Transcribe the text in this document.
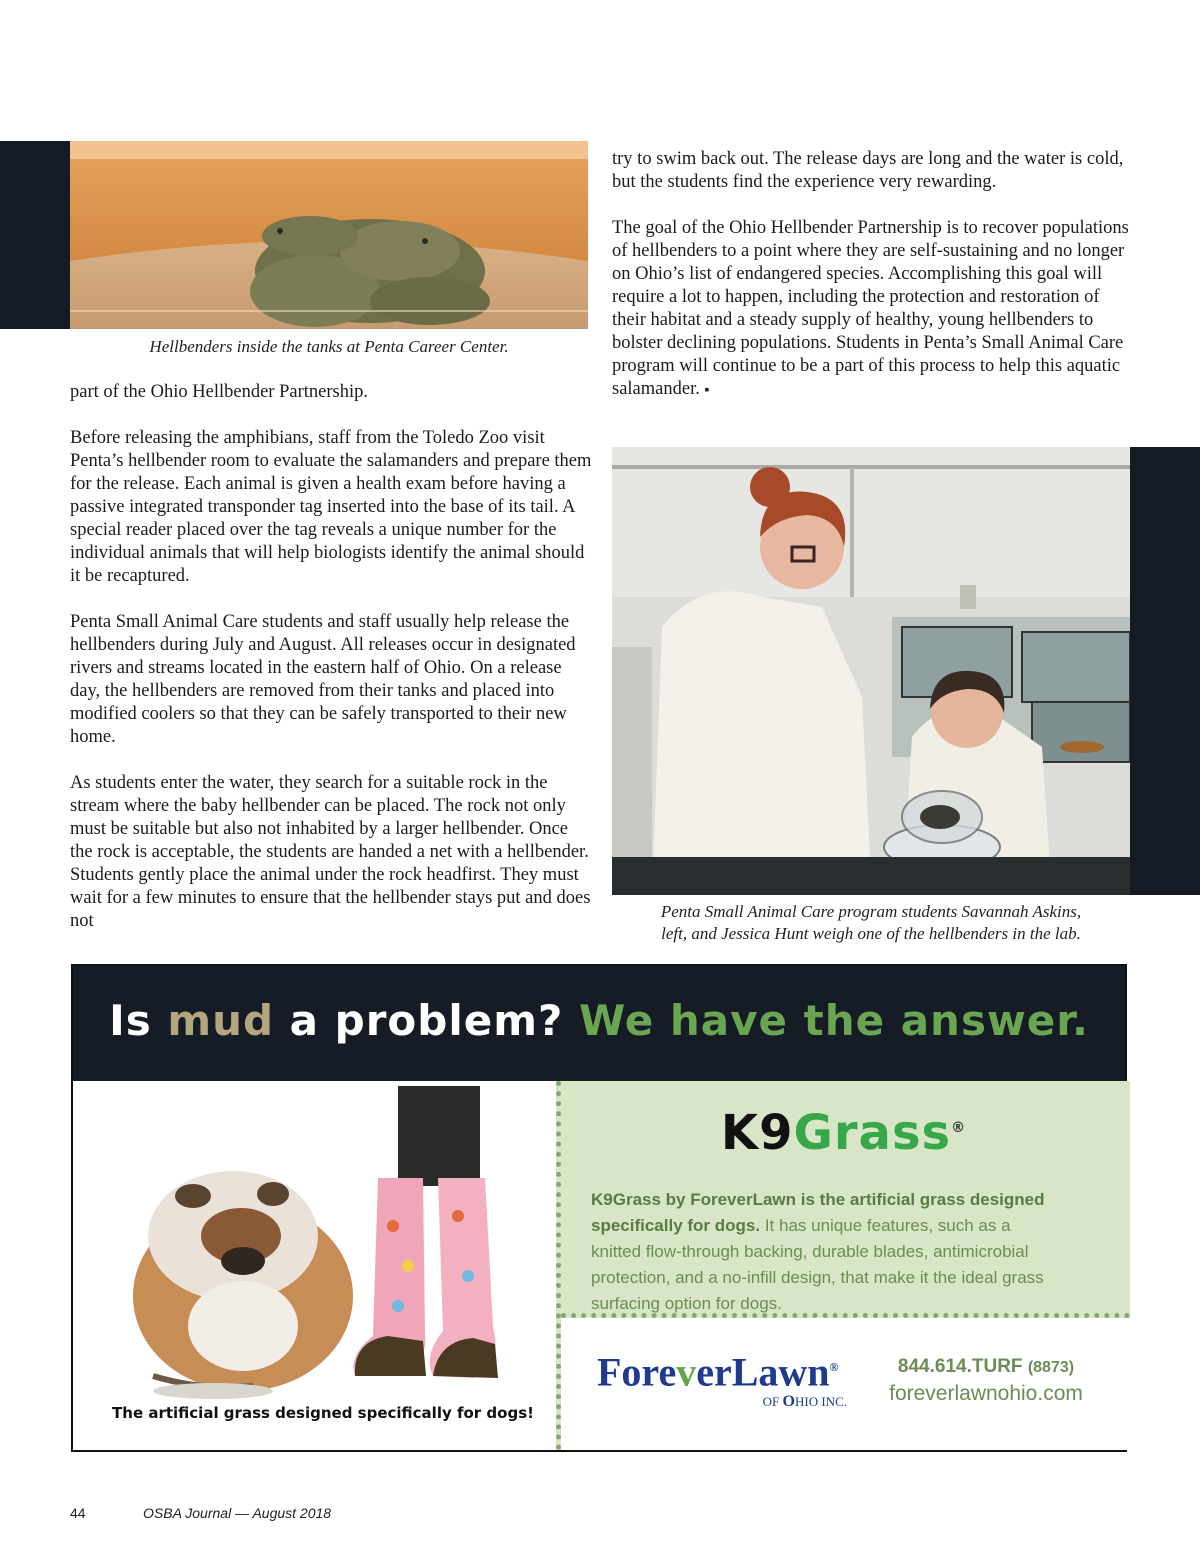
Hellbenders inside the tanks at Penta Career Center.

part of the Ohio Hellbender Partnership.

Before releasing the amphibians, staff from the Toledo Zoo visit Penta’s hellbender room to evaluate the salamanders and prepare them for the release. Each animal is given a health exam before having a passive integrated transponder tag inserted into the base of its tail. A special reader placed over the tag reveals a unique number for the individual animals that will help biologists identify the animal should it be recaptured.

Penta Small Animal Care students and staff usually help release the hellbenders during July and August. All releases occur in designated rivers and streams located in the eastern half of Ohio. On a release day, the hellbenders are removed from their tanks and placed into modified coolers so that they can be safely transported to their new home.

As students enter the water, they search for a suitable rock in the stream where the baby hellbender can be placed. The rock not only must be suitable but also not inhabited by a larger hellbender. Once the rock is acceptable, the students are handed a net with a hellbender. Students gently place the animal under the rock headfirst. They must wait for a few minutes to ensure that the hellbender stays put and does not

try to swim back out. The release days are long and the water is cold, but the students find the experience very rewarding.

The goal of the Ohio Hellbender Partnership is to recover populations of hellbenders to a point where they are self-sustaining and no longer on Ohio’s list of endangered species. Accomplishing this goal will require a lot to happen, including the protection and restoration of their habitat and a steady supply of healthy, young hellbenders to bolster declining populations. Students in Penta’s Small Animal Care program will continue to be a part of this process to help this aquatic salamander. ▪

Penta Small Animal Care program students Savannah Askins,
left, and Jessica Hunt weigh one of the hellbenders in the lab.

Is mud a problem? We have the answer.
The artificial grass designed specifically for dogs!
K9Grass®

K9Grass by ForeverLawn is the artificial grass designed specifically for dogs. It has unique features, such as a knitted flow-through backing, durable blades, antimicrobial protection, and a no-infill design, that make it the ideal grass surfacing option for dogs.

ForeverLawn®
OF OHIO INC.
844.614.TURF (8873)
foreverlawnohio.com
44	OSBA Journal — August 2018
